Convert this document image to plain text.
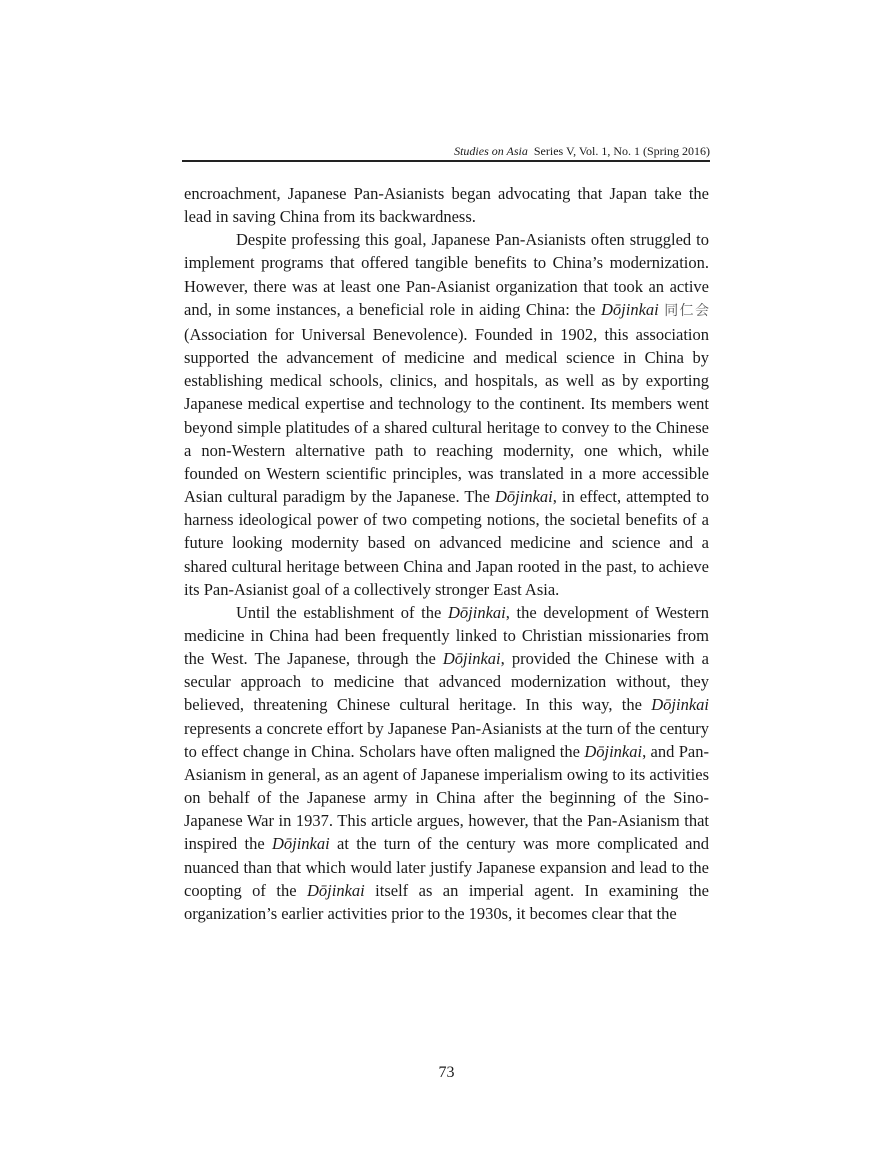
Studies on Asia Series V, Vol. 1, No. 1 (Spring 2016)

encroachment, Japanese Pan-Asianists began advocating that Japan take the lead in saving China from its backwardness.

Despite professing this goal, Japanese Pan-Asianists often struggled to implement programs that offered tangible benefits to China’s modernization. However, there was at least one Pan-Asianist organization that took an active and, in some instances, a beneficial role in aiding China: the Dōjinkai 同仁会(Association for Universal Benevolence). Founded in 1902, this association supported the advancement of medicine and medical science in China by establishing medical schools, clinics, and hospitals, as well as by exporting Japanese medical expertise and technology to the continent. Its members went beyond simple platitudes of a shared cultural heritage to convey to the Chinese a non-Western alternative path to reaching modernity, one which, while founded on Western scientific principles, was translated in a more accessible Asian cultural paradigm by the Japanese. The Dōjinkai, in effect, attempted to harness ideological power of two competing notions, the societal benefits of a future looking modernity based on advanced medicine and science and a shared cultural heritage between China and Japan rooted in the past, to achieve its Pan-Asianist goal of a collectively stronger East Asia.

Until the establishment of the Dōjinkai, the development of Western medicine in China had been frequently linked to Christian missionaries from the West. The Japanese, through the Dōjinkai, provided the Chinese with a secular approach to medicine that advanced modernization without, they believed, threatening Chinese cultural heritage. In this way, the Dōjinkai represents a concrete effort by Japanese Pan-Asianists at the turn of the century to effect change in China. Scholars have often maligned the Dōjinkai, and Pan-Asianism in general, as an agent of Japanese imperialism owing to its activities on behalf of the Japanese army in China after the beginning of the Sino-Japanese War in 1937. This article argues, however, that the Pan-Asianism that inspired the Dōjinkai at the turn of the century was more complicated and nuanced than that which would later justify Japanese expansion and lead to the coopting of the Dōjinkai itself as an imperial agent. In examining the organization’s earlier activities prior to the 1930s, it becomes clear that the

73
